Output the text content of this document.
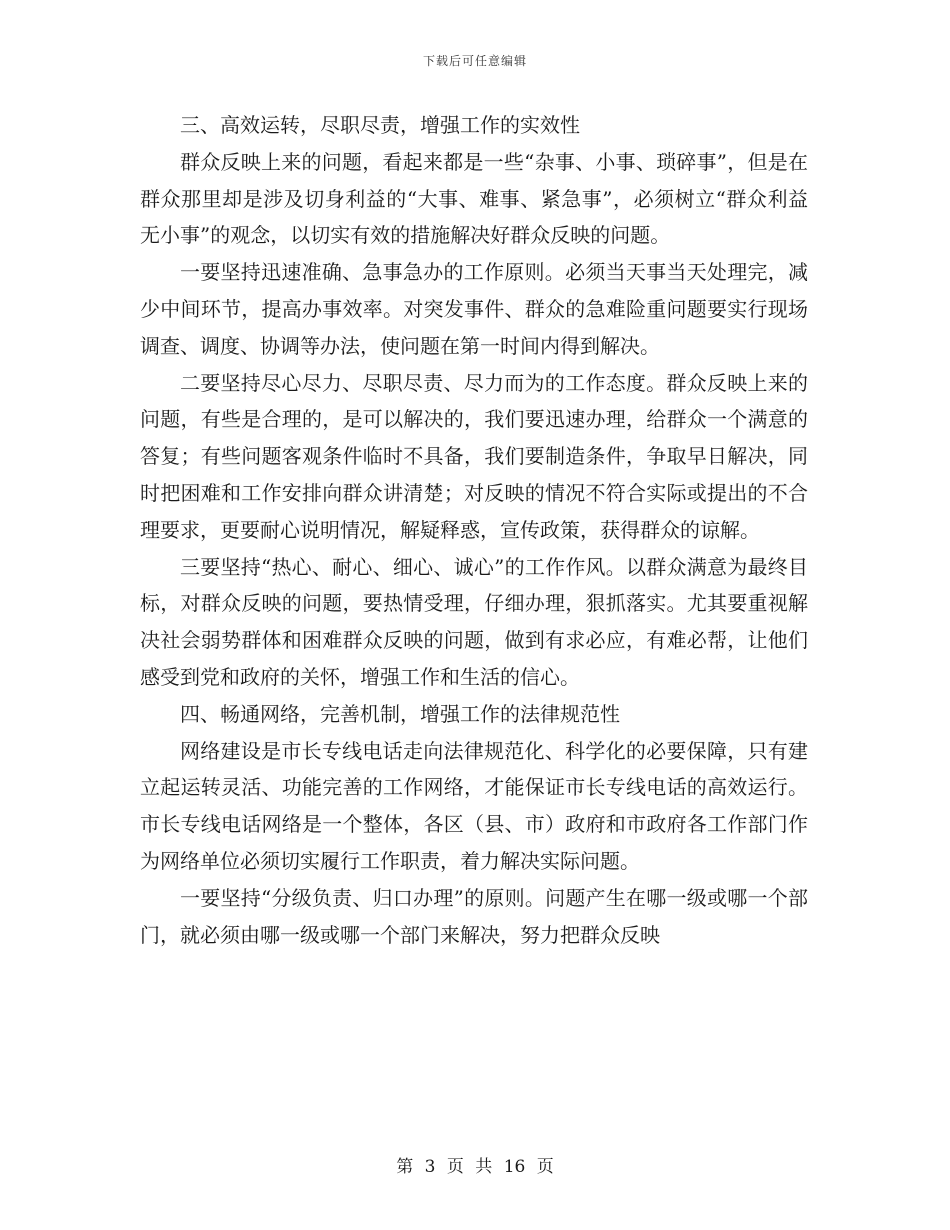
下载后可任意编辑

三、高效运转，尽职尽责，增强工作的实效性

群众反映上来的问题，看起来都是一些“杂事、小事、琐碎事”，但是在群众那里却是涉及切身利益的“大事、难事、紧急事”，必须树立“群众利益无小事”的观念，以切实有效的措施解决好群众反映的问题。

一要坚持迅速准确、急事急办的工作原则。必须当天事当天处理完，减少中间环节，提高办事效率。对突发事件、群众的急难险重问题要实行现场调查、调度、协调等办法，使问题在第一时间内得到解决。

二要坚持尽心尽力、尽职尽责、尽力而为的工作态度。群众反映上来的问题，有些是合理的，是可以解决的，我们要迅速办理，给群众一个满意的答复；有些问题客观条件临时不具备，我们要制造条件，争取早日解决，同时把困难和工作安排向群众讲清楚；对反映的情况不符合实际或提出的不合理要求，更要耐心说明情况，解疑释惑，宣传政策，获得群众的谅解。

三要坚持“热心、耐心、细心、诚心”的工作作风。以群众满意为最终目标，对群众反映的问题，要热情受理，仔细办理，狠抓落实。尤其要重视解决社会弱势群体和困难群众反映的问题，做到有求必应，有难必帮，让他们感受到党和政府的关怀，增强工作和生活的信心。

四、畅通网络，完善机制，增强工作的法律规范性

网络建设是市长专线电话走向法律规范化、科学化的必要保障，只有建立起运转灵活、功能完善的工作网络，才能保证市长专线电话的高效运行。市长专线电话网络是一个整体，各区（县、市）政府和市政府各工作部门作为网络单位必须切实履行工作职责，着力解决实际问题。

一要坚持“分级负责、归口办理”的原则。问题产生在哪一级或哪一个部门，就必须由哪一级或哪一个部门来解决，努力把群众反映

第 3 页 共 16 页
